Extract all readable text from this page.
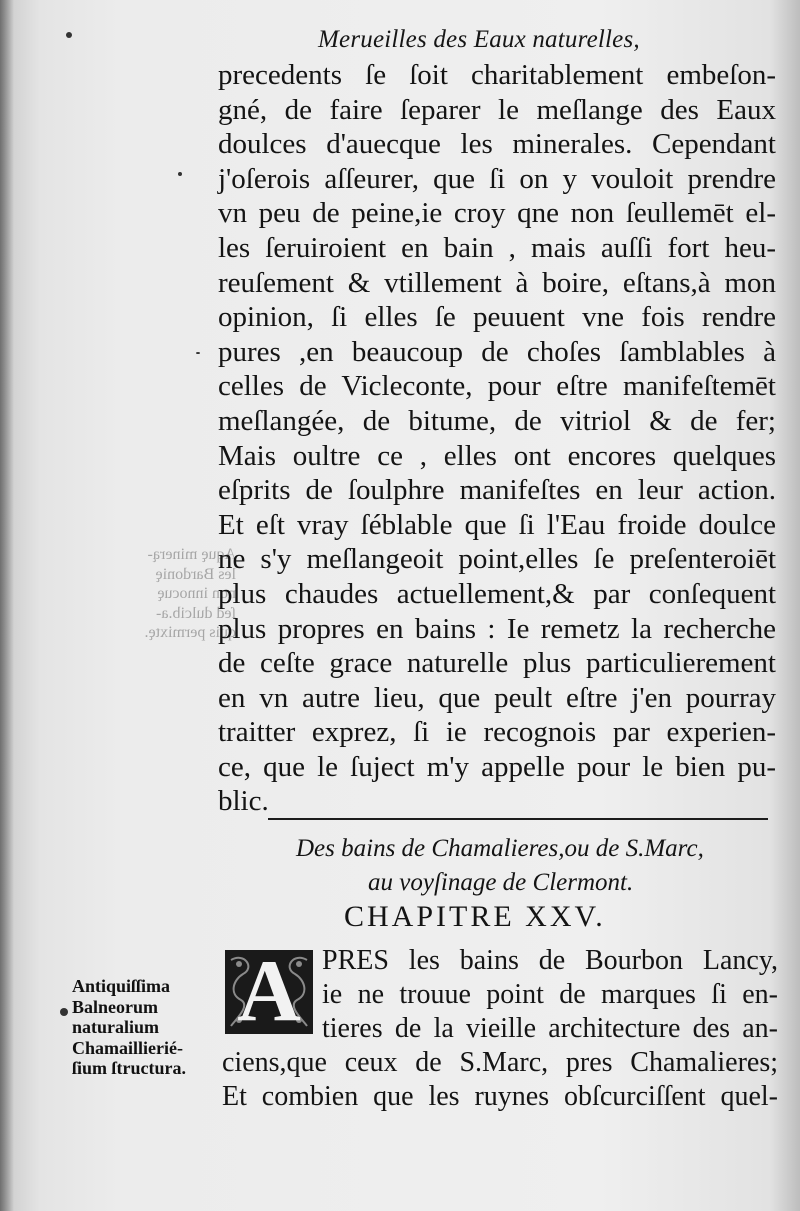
Merueilles des Eaux naturelles,
Aquę minerą-
les Bardonię
non innocuę
ſed dulcib.a-
quis permixtę.
precedents ſe ſoit charitablement embeſon-
gné, de faire ſeparer le meſlange des Eaux
doulces d'auecque les minerales. Cependant
j'oſerois aſſeurer, que ſi on y vouloit prendre
vn peu de peine,ie croy qne non ſeullemēt el-
les ſeruiroient en bain , mais auſſi fort heu-
reuſement & vtillement à boire, eſtans,à mon
opinion, ſi elles ſe peuuent vne fois rendre
pures ,en beaucoup de choſes ſamblables à
celles de Vicleconte, pour eſtre manifeſtemēt
meſlangée, de bitume, de vitriol & de fer;
Mais oultre ce , elles ont encores quelques
eſprits de ſoulphre manifeſtes en leur action.
Et eſt vray ſéblable que ſi l'Eau froide doulce
ne s'y meſlangeoit point,elles ſe preſenteroiēt
plus chaudes actuellement,& par conſequent
plus propres en bains : Ie remetz la recherche
de ceſte grace naturelle plus particulierement
en vn autre lieu, que peult eſtre j'en pourray
traitter exprez, ſi ie recognois par experien-
ce, que le ſuject m'y appelle pour le bien pu-
blic.
Des bains de Chamalieres,ou de S.Marc,
au voyſinage de Clermont.
CHAPITRE XXV.
A PRES les bains de Bourbon Lancy,
ie ne trouue point de marques ſi en-
tieres de la vieille architecture des an-
ciens,que ceux de S.Marc, pres Chamalieres;
Et combien que les ruynes obſcurciſſent quel-
Antiquiſſima
Balneorum
naturalium
Chamaillierié-
ſium ſtructura.
